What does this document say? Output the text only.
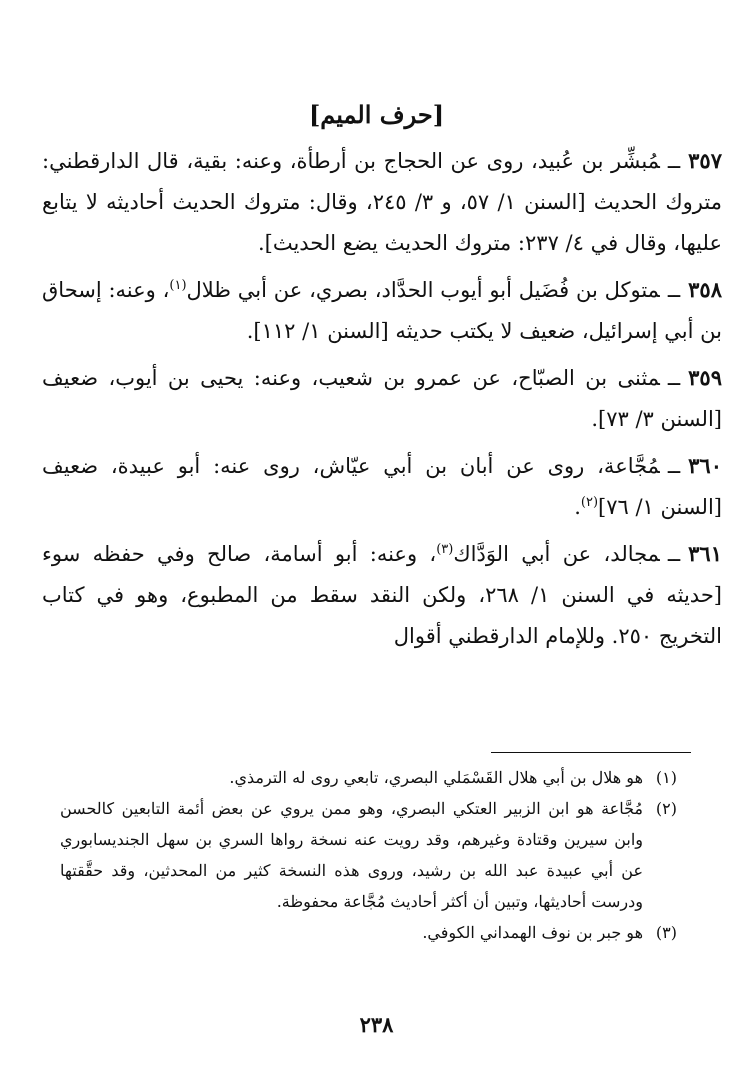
[حرف الميم]

٣٥٧ــمُبشِّر بن عُبيد، روى عن الحجاج بن أرطأة، وعنه: بقية، قال الدارقطني: متروك الحديث [السنن ١/ ٥٧، و ٣/ ٢٤٥، وقال: متروك الحديث أحاديثه لا يتابع عليها، وقال في ٤/ ٢٣٧: متروك الحديث يضع الحديث].

٣٥٨ــمتوكل بن فُضَيل أبو أيوب الحدَّاد، بصري، عن أبي ظلال$^{(١)}$، وعنه: إسحاق بن أبي إسرائيل، ضعيف لا يكتب حديثه [السنن ١/ ١١٢].

٣٥٩ــمثنى بن الصبّاح، عن عمرو بن شعيب، وعنه: يحيى بن أيوب، ضعيف [السنن ٣/ ٧٣].

٣٦٠ــمُجَّاعة، روى عن أبان بن أبي عيّاش، روى عنه: أبو عبيدة، ضعيف [السنن ١/ ٧٦]$^{(٢)}$.

٣٦١ــمجالد، عن أبي الوَدَّاك$^{(٣)}$، وعنه: أبو أسامة، صالح وفي حفظه سوء [حديثه في السنن ١/ ٢٦٨، ولكن النقد سقط من المطبوع، وهو في كتاب التخريج ٢٥٠. وللإمام الدارقطني أقوال

(١)
هو هلال بن أبي هلال القَسْمَلي البصري، تابعي روى له الترمذي.
(٢)
مُجَّاعة هو ابن الزبير العتكي البصري، وهو ممن يروي عن بعض أئمة التابعين كالحسن وابن سيرين وقتادة وغيرهم، وقد رويت عنه نسخة رواها السري بن سهل الجنديسابوري عن أبي عبيدة عبد الله بن رشيد، وروى هذه النسخة كثير من المحدثين، وقد حقَّقتها ودرست أحاديثها، وتبين أن أكثر أحاديث مُجَّاعة محفوظة.
(٣)
هو جبر بن نوف الهمداني الكوفي.
٢٣٨
